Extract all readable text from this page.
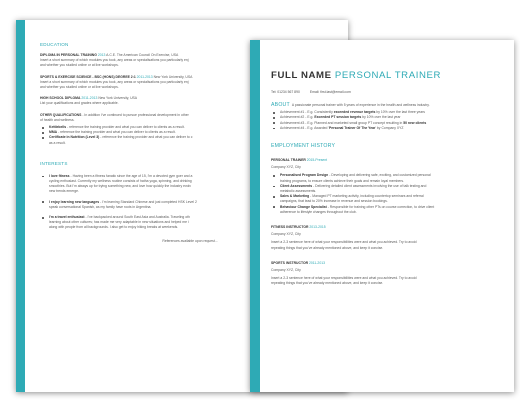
EDUCATION
DIPLOMA IN PERSONAL TRAINING 2013 A.C.E. The American Council On Exercise, USA
Insert a short summary of which modules you took, any areas or specialisations you particularly enj
and whether you studied online or at live workshops.
SPORTS & EXERCISE SCIENCE - BSC (HONS) DEGREE 2:1 2011-2013 New York University, USA
Insert a short summary of which modules you took, any areas or specialisations you particularly enj
and whether you studied online or at live workshops.
HIGH SCHOOL DIPLOMA 2011-2013 New York University, USA
List your qualifications and grades where applicable.
OTHER QUALIFICATIONS - In addition I've continued to pursue professional development in other
of health and wellness.
Kettlebells - reference the training provider and what you can deliver to clients as a result.
MMA - reference the training provider and what you can deliver to clients as a result.
Certificate in Nutrition (Level 3) - reference the training provider and what you can deliver to c
as a result.
INTERESTS
I love fitness - Having been a fitness fanatic since the age of 15, I'm a devoted gym goer and a
cycling enthusiast. Currently my wellness routine consists of hatha yoga, spinning, and drinking
smoothies. But I'm always up for trying something new, and love how quickly the industry evolv
new trends emerge.
I enjoy learning new languages - I'm learning Standard Chinese and just completed HSK Level 2
speak conversational Spanish, as my family have roots in Argentina.
I'm a travel enthusiast - I've backpacked around South East Asia and Australia. Traveling oth
learning about other cultures; has made me very adaptable in new situations and helped me i
along with people from all backgrounds. I also get to enjoy hiking breaks at weekends.
References available upon request...
FULL NAME PERSONAL TRAINER
Tel: 01234 567 890	Email: first.last@email.com
ABOUT A passionate personal trainer with 5 years of experience in the health and wellness industry.
Achievement #1 - E.g. Consistently exceeded revenue targets by 10% over the last three years
Achievement #2 - E.g. Exceeded PT session targets by 10% over the last year
Achievement #3 - E.g. Planned and marketed small group PT concept resulting in 50 new clients
Achievement #4 - E.g. Awarded 'Personal Trainer Of The Year' by Company XYZ
EMPLOYMENT HISTORY
PERSONAL TRAINER 2015-Present
Company XYZ, City
Personalised Program Design - Developing and delivering safe, exciting, and customized personal
training programs, to ensure clients achieve their goals and remain loyal members.
Client Assessments - Delivering detailed client assessments involving the use of talk testing and
metabolic assessments.
Sales & Marketing - Managed PT marketing activity, including countertop seminars and referral
campaigns, that lead to 20% increase in revenue and session bookings.
Behaviour Change Specialist - Responsible for training other PTs on course correction, to drive client
adherence to lifestyle changes throughout the club.
FITNESS INSTRUCTOR 2013-2015
Company XYZ, City
Insert a 2-3 sentence here of what your responsibilities were and what you achieved. Try to avoid
repeating things that you've already mentioned above, and keep it concise.
SPORTS INSTRUCTOR 2011-2013
Company XYZ, City
Insert a 2-3 sentence here of what your responsibilities were and what you achieved. Try to avoid
repeating things that you've already mentioned above, and keep it concise.
